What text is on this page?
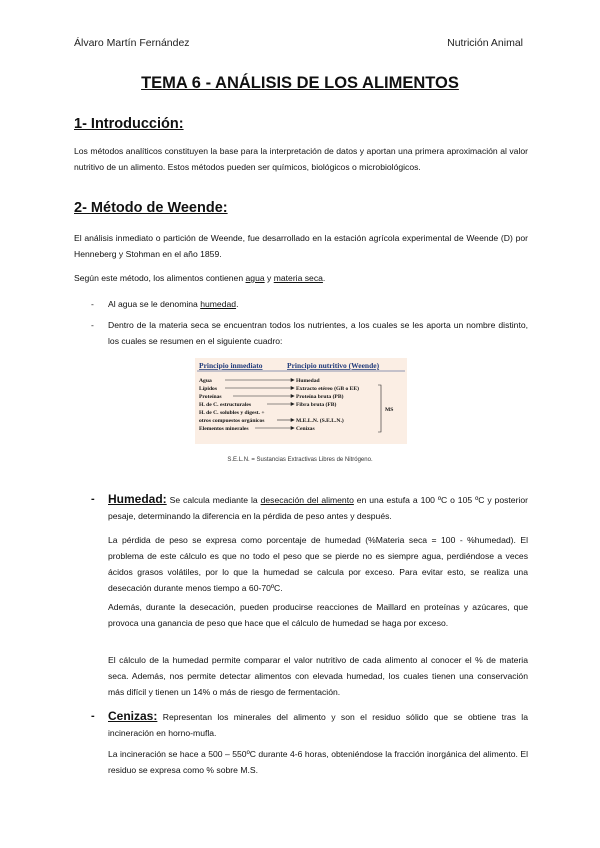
Álvaro Martín Fernández	Nutrición Animal
TEMA 6 - ANÁLISIS DE LOS ALIMENTOS
1- Introducción:
Los métodos analíticos constituyen la base para la interpretación de datos y aportan una primera aproximación al valor nutritivo de un alimento. Estos métodos pueden ser químicos, biológicos o microbiológicos.
2- Método de Weende:
El análisis inmediato o partición de Weende, fue desarrollado en la estación agrícola experimental de Weende (D) por Henneberg y Stohman en el año 1859.
Según este método, los alimentos contienen agua y materia seca.
- Al agua se le denomina humedad.
- Dentro de la materia seca se encuentran todos los nutrientes, a los cuales se les aporta un nombre distinto, los cuales se resumen en el siguiente cuadro:
Principio inmediato	Principio nutritivo (Weende)
Agua
Lípidos
Proteínas
H. de C. estructurales
H. de C. solubles y digest. +
otros compuestos orgánicos
Elementos minerales
Humedad
Extracto etéreo (GB o EE)
Proteína bruta (PB)
Fibra bruta (FB)
M.E.L.N. (S.E.L.N.)
Cenizas
MS
S.E.L.N. = Sustancias Extractivas Libres de Nitrógeno.
- Humedad: Se calcula mediante la desecación del alimento en una estufa a 100 ºC o 105 ºC y posterior pesaje, determinando la diferencia en la pérdida de peso antes y después.
La pérdida de peso se expresa como porcentaje de humedad (%Materia seca = 100 - %humedad). El problema de este cálculo es que no todo el peso que se pierde no es siempre agua, perdiéndose a veces ácidos grasos volátiles, por lo que la humedad se calcula por exceso. Para evitar esto, se realiza una desecación durante menos tiempo a 60-70ºC.
Además, durante la desecación, pueden producirse reacciones de Maillard en proteínas y azúcares, que provoca una ganancia de peso que hace que el cálculo de humedad se haga por exceso.
El cálculo de la humedad permite comparar el valor nutritivo de cada alimento al conocer el % de materia seca. Además, nos permite detectar alimentos con elevada humedad, los cuales tienen una conservación más difícil y tienen un 14% o más de riesgo de fermentación.
- Cenizas: Representan los minerales del alimento y son el residuo sólido que se obtiene tras la incineración en horno-mufla.
La incineración se hace a 500 – 550ºC durante 4-6 horas, obteniéndose la fracción inorgánica del alimento. El residuo se expresa como % sobre M.S.
